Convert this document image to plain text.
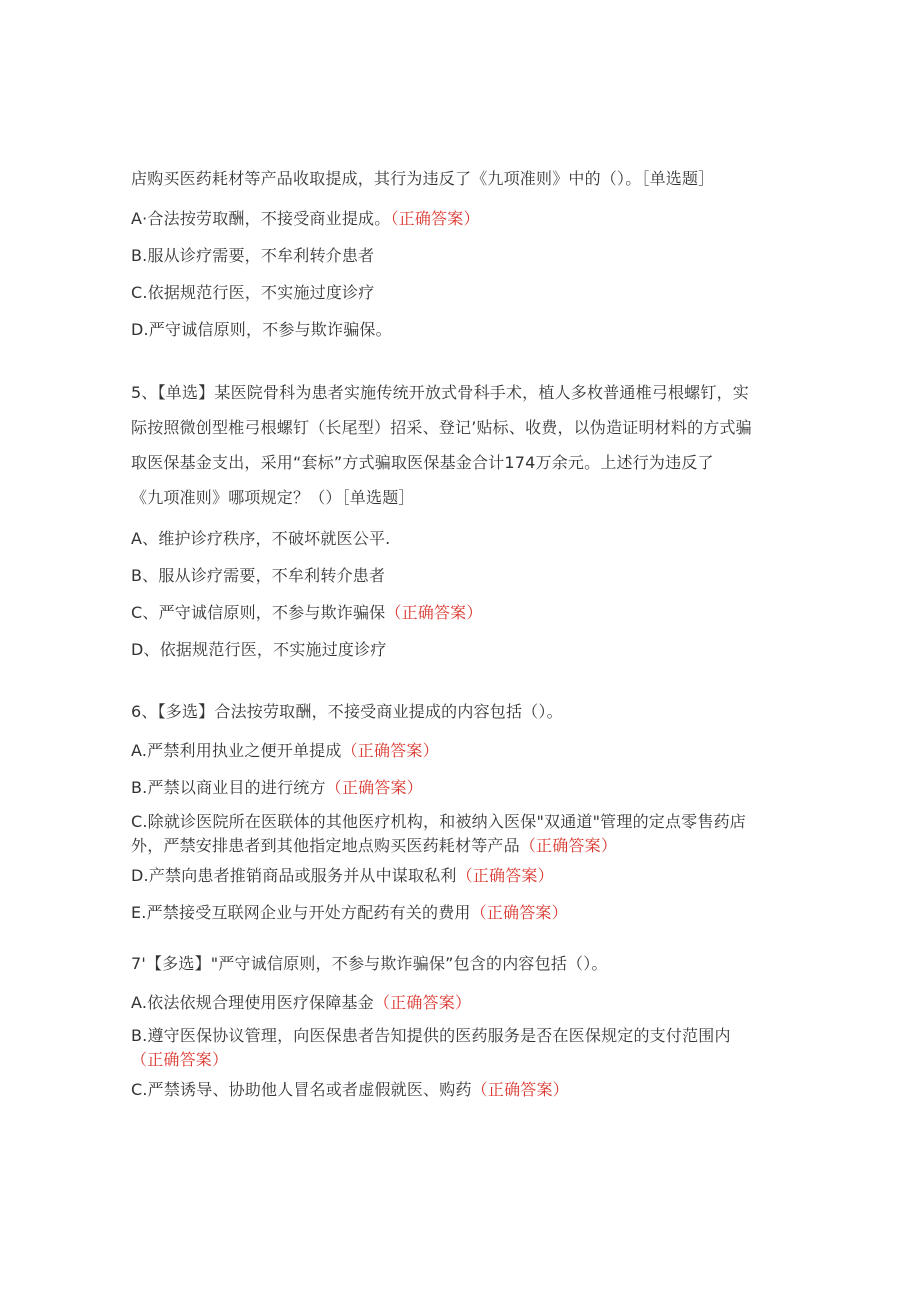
店购买医药耗材等产品收取提成，其行为违反了《九项准则》中的（）。［单选题］
A·合法按劳取酬，不接受商业提成。（正确答案）
B.服从诊疗需要，不牟利转介患者
C.依据规范行医，不实施过度诊疗
D.严守诚信原则，不参与欺诈骗保。
5、【单选】某医院骨科为患者实施传统开放式骨科手术，植人多枚普通椎弓根螺钉，实
际按照微创型椎弓根螺钉（长尾型）招采、登记’贴标、收费，以伪造证明材料的方式骗
取医保基金支出，采用“套标”方式骗取医保基金合计174万余元。上述行为违反了
《九项准则》哪项规定？（）［单选题］
A、维护诊疗秩序，不破坏就医公平.
B、服从诊疗需要，不牟利转介患者
C、严守诚信原则，不参与欺诈骗保（正确答案）
D、依据规范行医，不实施过度诊疗
6、【多选】合法按劳取酬，不接受商业提成的内容包括（）。
A.严禁利用执业之便开单提成（正确答案）
B.严禁以商业目的进行统方（正确答案）
C.除就诊医院所在医联体的其他医疗机构，和被纳入医保"双通道"管理的定点零售药店
外，严禁安排患者到其他指定地点购买医药耗材等产品（正确答案）
D.产禁向患者推销商品或服务并从中谋取私利（正确答案）
E.严禁接受互联网企业与开处方配药有关的费用（正确答案）
7'【多选】"严守诚信原则，不参与欺诈骗保”包含的内容包括（）。
A.依法依规合理使用医疗保障基金（正确答案）
B.遵守医保协议管理，向医保患者告知提供的医药服务是否在医保规定的支付范围内
（正确答案）
C.严禁诱导、协助他人冒名或者虚假就医、购药（正确答案）
